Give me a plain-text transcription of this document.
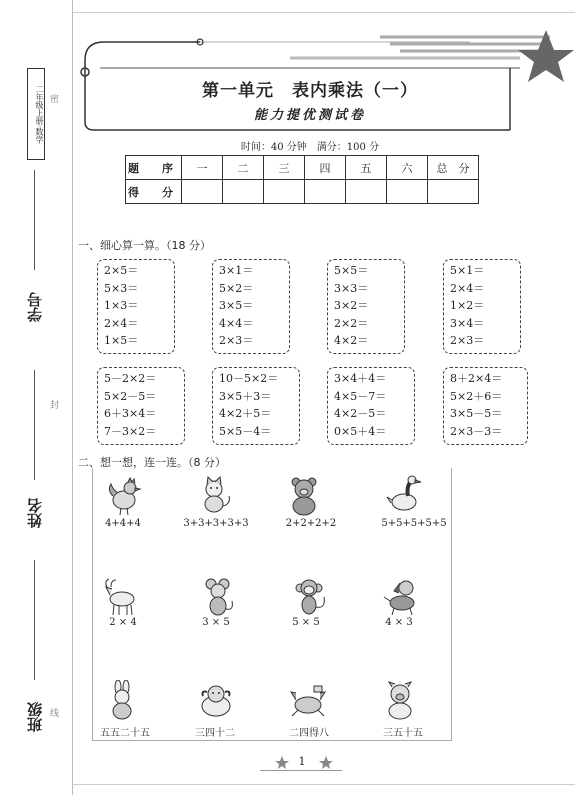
二年级上册·数学
学号
姓名
班级
密
封
线
第一单元　表内乘法（一）
能力提优测试卷
时间：40 分钟　满分：100 分
题　序	一	二	三	四	五	六	总　分
得　分							
一、细心算一算。（18 分）
2×5＝
5×3＝
1×3＝
2×4＝
1×5＝
3×1＝
5×2＝
3×5＝
4×4＝
2×3＝
5×5＝
3×3＝
3×2＝
2×2＝
4×2＝
5×1＝
2×4＝
1×2＝
3×4＝
2×3＝
5－2×2＝
5×2－5＝
6＋3×4＝
7－3×2＝
10－5×2＝
3×5＋3＝
4×2＋5＝
5×5－4＝
3×4＋4＝
4×5－7＝
4×2－5＝
0×5＋4＝
8＋2×4＝
5×2＋6＝
3×5－5＝
2×3－3＝
二、想一想，连一连。（8 分）
4+4+4	3+3+3+3+3	2+2+2+2	5+5+5+5+5
2 × 4	3 × 5	5 × 5	4 × 3
五五二十五	三四十二	二四得八	三五十五
1
